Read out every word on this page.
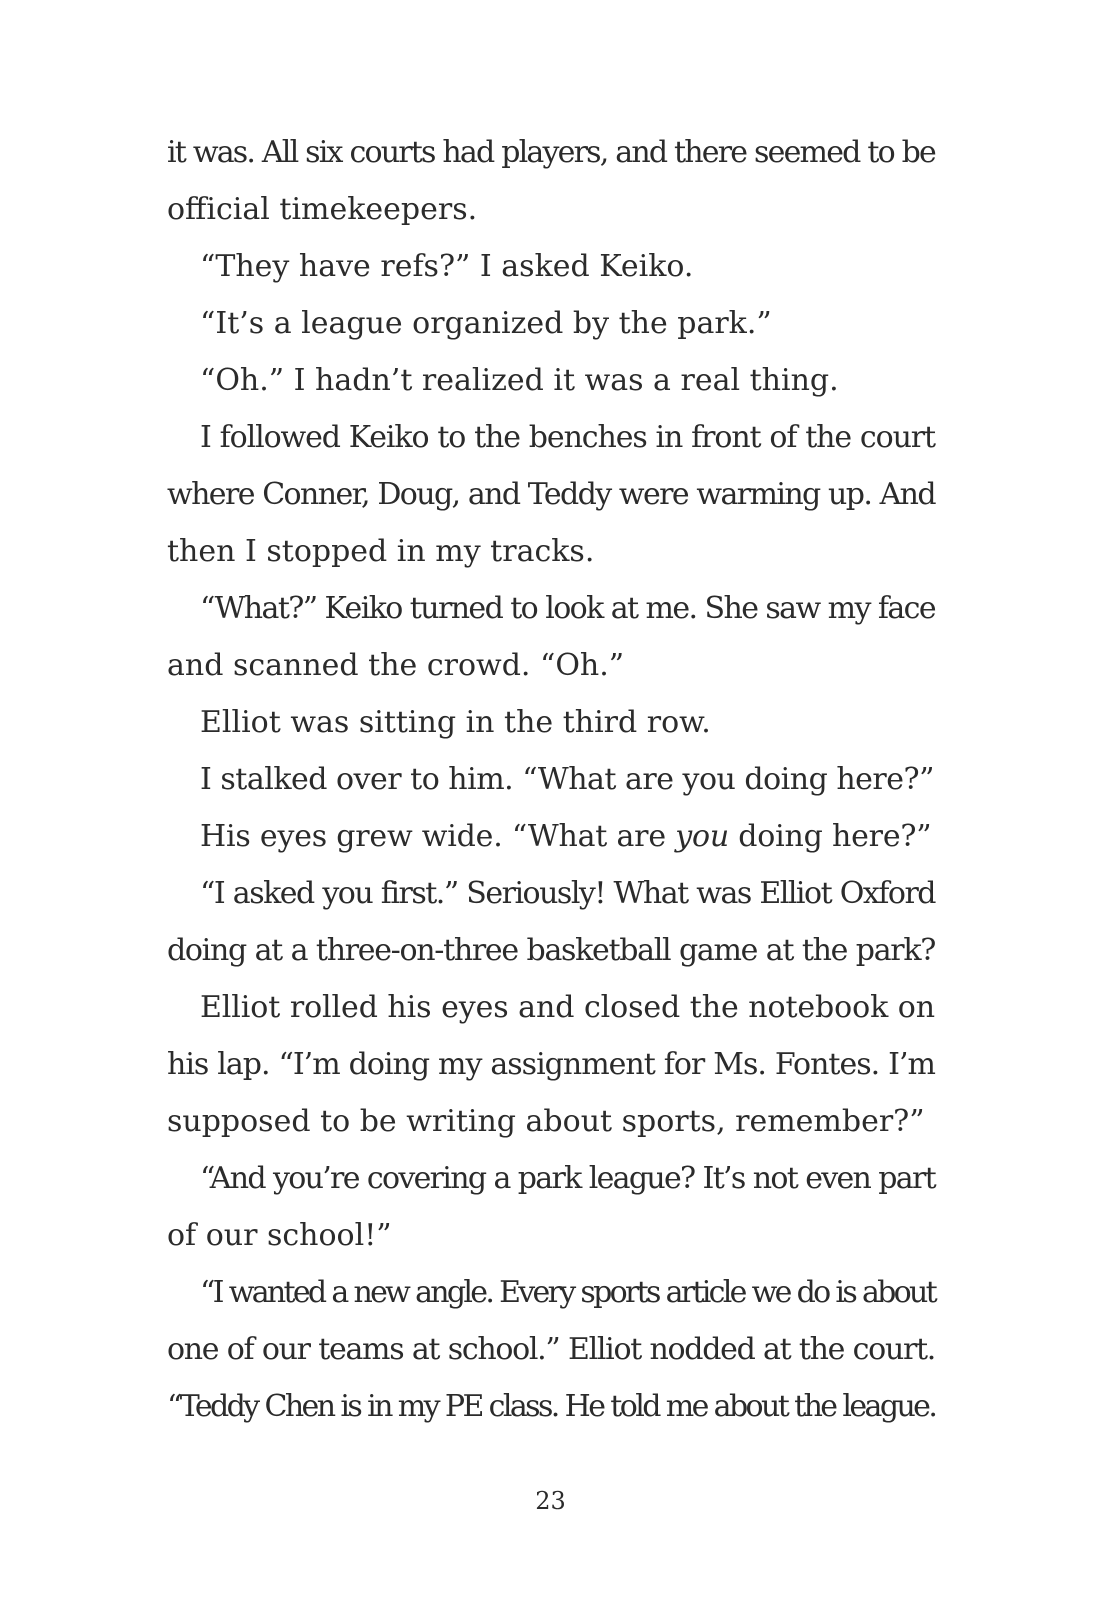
it was. All six courts had players, and there seemed to be
official timekeepers.
“They have refs?” I asked Keiko.
“It’s a league organized by the park.”
“Oh.” I hadn’t realized it was a real thing.
I followed Keiko to the benches in front of the court
where Conner, Doug, and Teddy were warming up. And
then I stopped in my tracks.
“What?” Keiko turned to look at me. She saw my face
and scanned the crowd. “Oh.”
Elliot was sitting in the third row.
I stalked over to him. “What are you doing here?”
His eyes grew wide. “What are you doing here?”
“I asked you first.” Seriously! What was Elliot Oxford
doing at a three-on-three basketball game at the park?
Elliot rolled his eyes and closed the notebook on
his lap. “I’m doing my assignment for Ms. Fontes. I’m
supposed to be writing about sports, remember?”
“And you’re covering a park league? It’s not even part
of our school!”
“I wanted a new angle. Every sports article we do is about
one of our teams at school.” Elliot nodded at the court.
“Teddy Chen is in my PE class. He told me about the league.
23
